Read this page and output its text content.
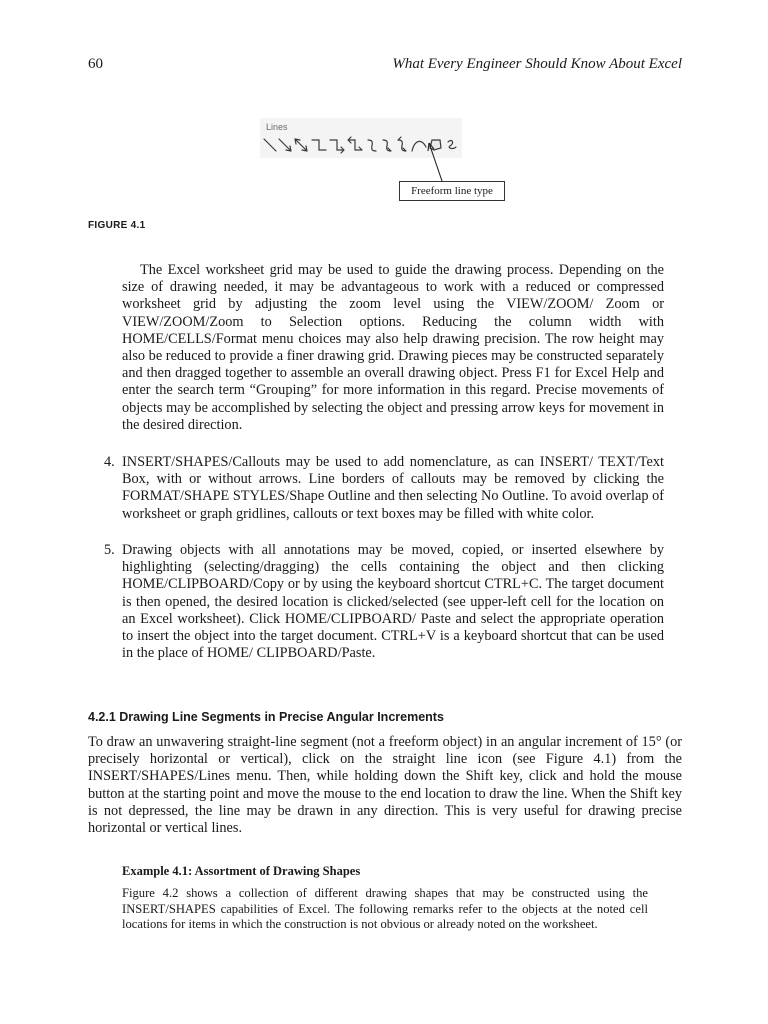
60	What Every Engineer Should Know About Excel
Lines
Freeform line type
FIGURE 4.1
The Excel worksheet grid may be used to guide the drawing process. Depending on the size of drawing needed, it may be advantageous to work with a reduced or compressed worksheet grid by adjusting the zoom level using the VIEW/ZOOM/ Zoom or VIEW/ZOOM/Zoom to Selection options. Reducing the column width with HOME/CELLS/Format menu choices may also help drawing precision. The row height may also be reduced to provide a finer drawing grid. Drawing pieces may be constructed separately and then dragged together to assemble an overall drawing object. Press F1 for Excel Help and enter the search term “Grouping” for more information in this regard. Precise movements of objects may be accomplished by selecting the object and pressing arrow keys for movement in the desired direction.
4. INSERT/SHAPES/Callouts may be used to add nomenclature, as can INSERT/ TEXT/Text Box, with or without arrows. Line borders of callouts may be removed by clicking the FORMAT/SHAPE STYLES/Shape Outline and then selecting No Outline. To avoid overlap of worksheet or graph gridlines, callouts or text boxes may be filled with white color.
5. Drawing objects with all annotations may be moved, copied, or inserted elsewhere by highlighting (selecting/dragging) the cells containing the object and then clicking HOME/CLIPBOARD/Copy or by using the keyboard shortcut CTRL+C. The target document is then opened, the desired location is clicked/selected (see upper-left cell for the location on an Excel worksheet). Click HOME/CLIPBOARD/ Paste and select the appropriate operation to insert the object into the target document. CTRL+V is a keyboard shortcut that can be used in the place of HOME/ CLIPBOARD/Paste.
4.2.1 Drawing Line Segments in Precise Angular Increments
To draw an unwavering straight-line segment (not a freeform object) in an angular increment of 15° (or precisely horizontal or vertical), click on the straight line icon (see Figure 4.1) from the INSERT/SHAPES/Lines menu. Then, while holding down the Shift key, click and hold the mouse button at the starting point and move the mouse to the end location to draw the line. When the Shift key is not depressed, the line may be drawn in any direction. This is very useful for drawing precise horizontal or vertical lines.
Example 4.1: Assortment of Drawing Shapes
Figure 4.2 shows a collection of different drawing shapes that may be constructed using the INSERT/SHAPES capabilities of Excel. The following remarks refer to the objects at the noted cell locations for items in which the construction is not obvious or already noted on the worksheet.
